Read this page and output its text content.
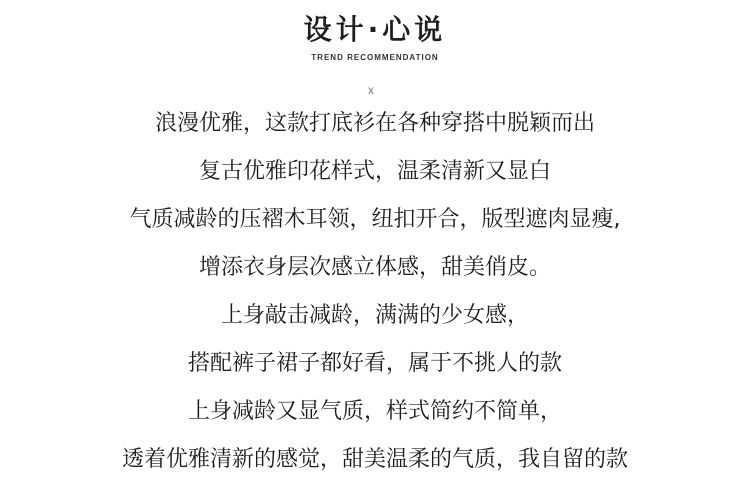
设计·心说
TREND RECOMMENDATION
x
浪漫优雅，这款打底衫在各种穿搭中脱颖而出
复古优雅印花样式，温柔清新又显白
气质减龄的压褶木耳领，纽扣开合，版型遮肉显瘦,
增添衣身层次感立体感，甜美俏皮。
上身敲击减龄，满满的少女感，
搭配裤子裙子都好看，属于不挑人的款
上身减龄又显气质，样式简约不简单，
透着优雅清新的感觉，甜美温柔的气质，我自留的款
